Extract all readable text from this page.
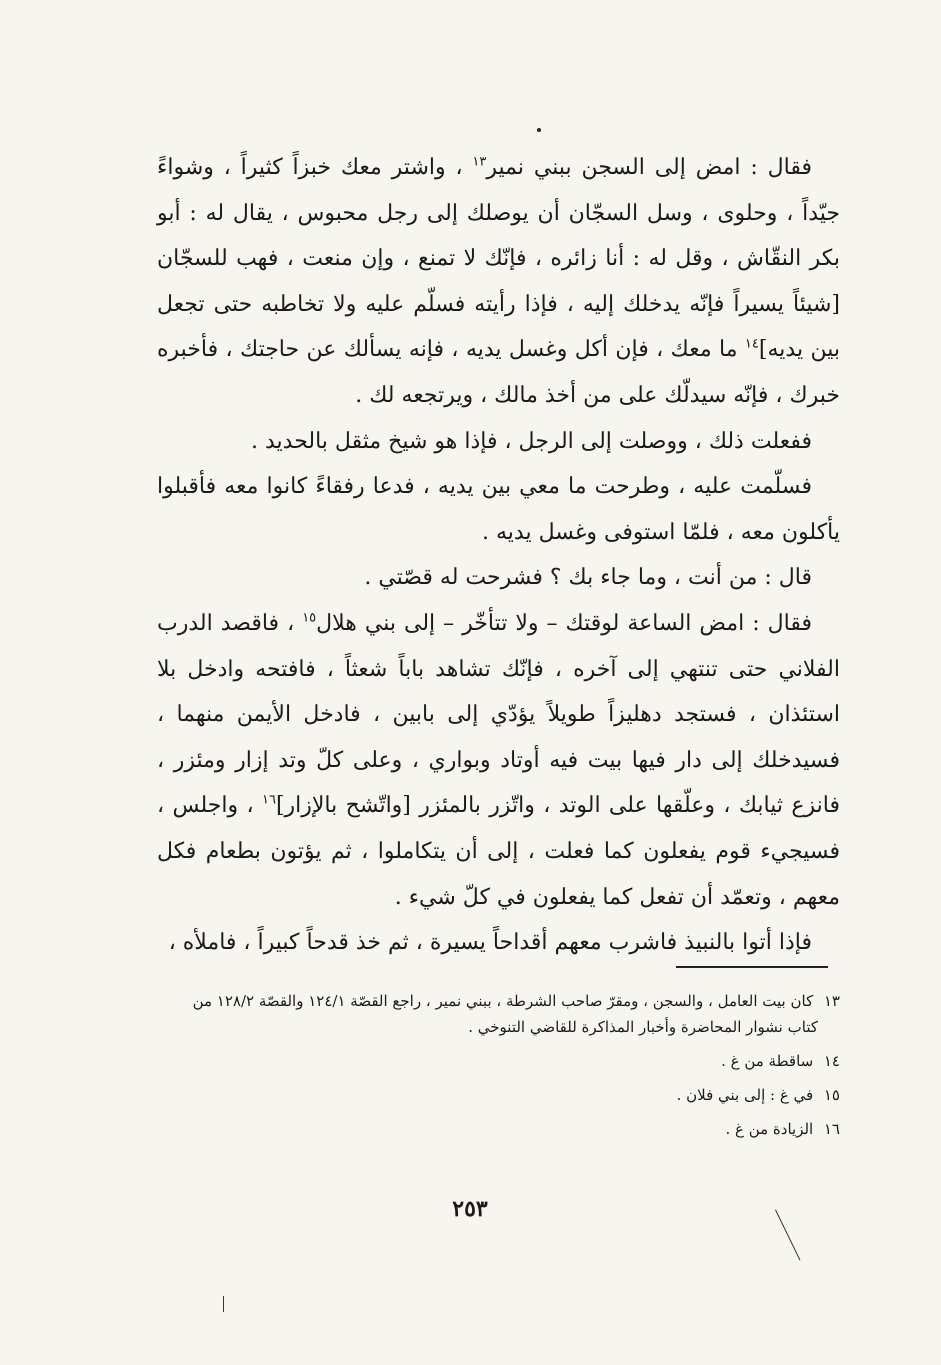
فقال : امض إلى السجن ببني نمير$^{١٣}$ ، واشتر معك خبزاً كثيراً ، وشواءً جيّداً ، وحلوى ، وسل السجّان أن يوصلك إلى رجل محبوس ، يقال له : أبو بكر النقّاش ، وقل له : أنا زائره ، فإنّك لا تمنع ، وإن منعت ، فهب للسجّان [شيئاً يسيراً فإنّه يدخلك إليه ، فإذا رأيته فسلّم عليه ولا تخاطبه حتى تجعل بين يديه]$^{١٤}$ ما معك ، فإن أكل وغسل يديه ، فإنه يسألك عن حاجتك ، فأخبره خبرك ، فإنّه سيدلّك على من أخذ مالك ، ويرتجعه لك .

ففعلت ذلك ، ووصلت إلى الرجل ، فإذا هو شيخ مثقل بالحديد .

فسلّمت عليه ، وطرحت ما معي بين يديه ، فدعا رفقاءً كانوا معه فأقبلوا يأكلون معه ، فلمّا استوفى وغسل يديه .

قال : من أنت ، وما جاء بك ؟ فشرحت له قصّتي .

فقال : امض الساعة لوقتك – ولا تتأخّر – إلى بني هلال$^{١٥}$ ، فاقصد الدرب الفلاني حتى تنتهي إلى آخره ، فإنّك تشاهد باباً شعثاً ، فافتحه وادخل بلا استئذان ، فستجد دهليزاً طويلاً يؤدّي إلى بابين ، فادخل الأيمن منهما ، فسيدخلك إلى دار فيها بيت فيه أوتاد وبواري ، وعلى كلّ وتد إزار ومئزر ، فانزع ثيابك ، وعلّقها على الوتد ، واتّزر بالمئزر [واتّشح بالإزار]$^{١٦}$ ، واجلس ، فسيجيء قوم يفعلون كما فعلت ، إلى أن يتكاملوا ، ثم يؤتون بطعام فكل معهم ، وتعمّد أن تفعل كما يفعلون في كلّ شيء .

فإذا أتوا بالنبيذ فاشرب معهم أقداحاً يسيرة ، ثم خذ قدحاً كبيراً ، فاملأه ،

١٣ كان بيت العامل ، والسجن ، ومقرّ صاحب الشرطة ، ببني نمير ، راجع القصّة ١٢٤/١ والقصّة ١٢٨/٢ من كتاب نشوار المحاضرة وأخبار المذاكرة للقاضي التنوخي .

١٤ ساقطة من غ .

١٥ في غ : إلى بني فلان .

١٦ الزيادة من غ .

٢٥٣
